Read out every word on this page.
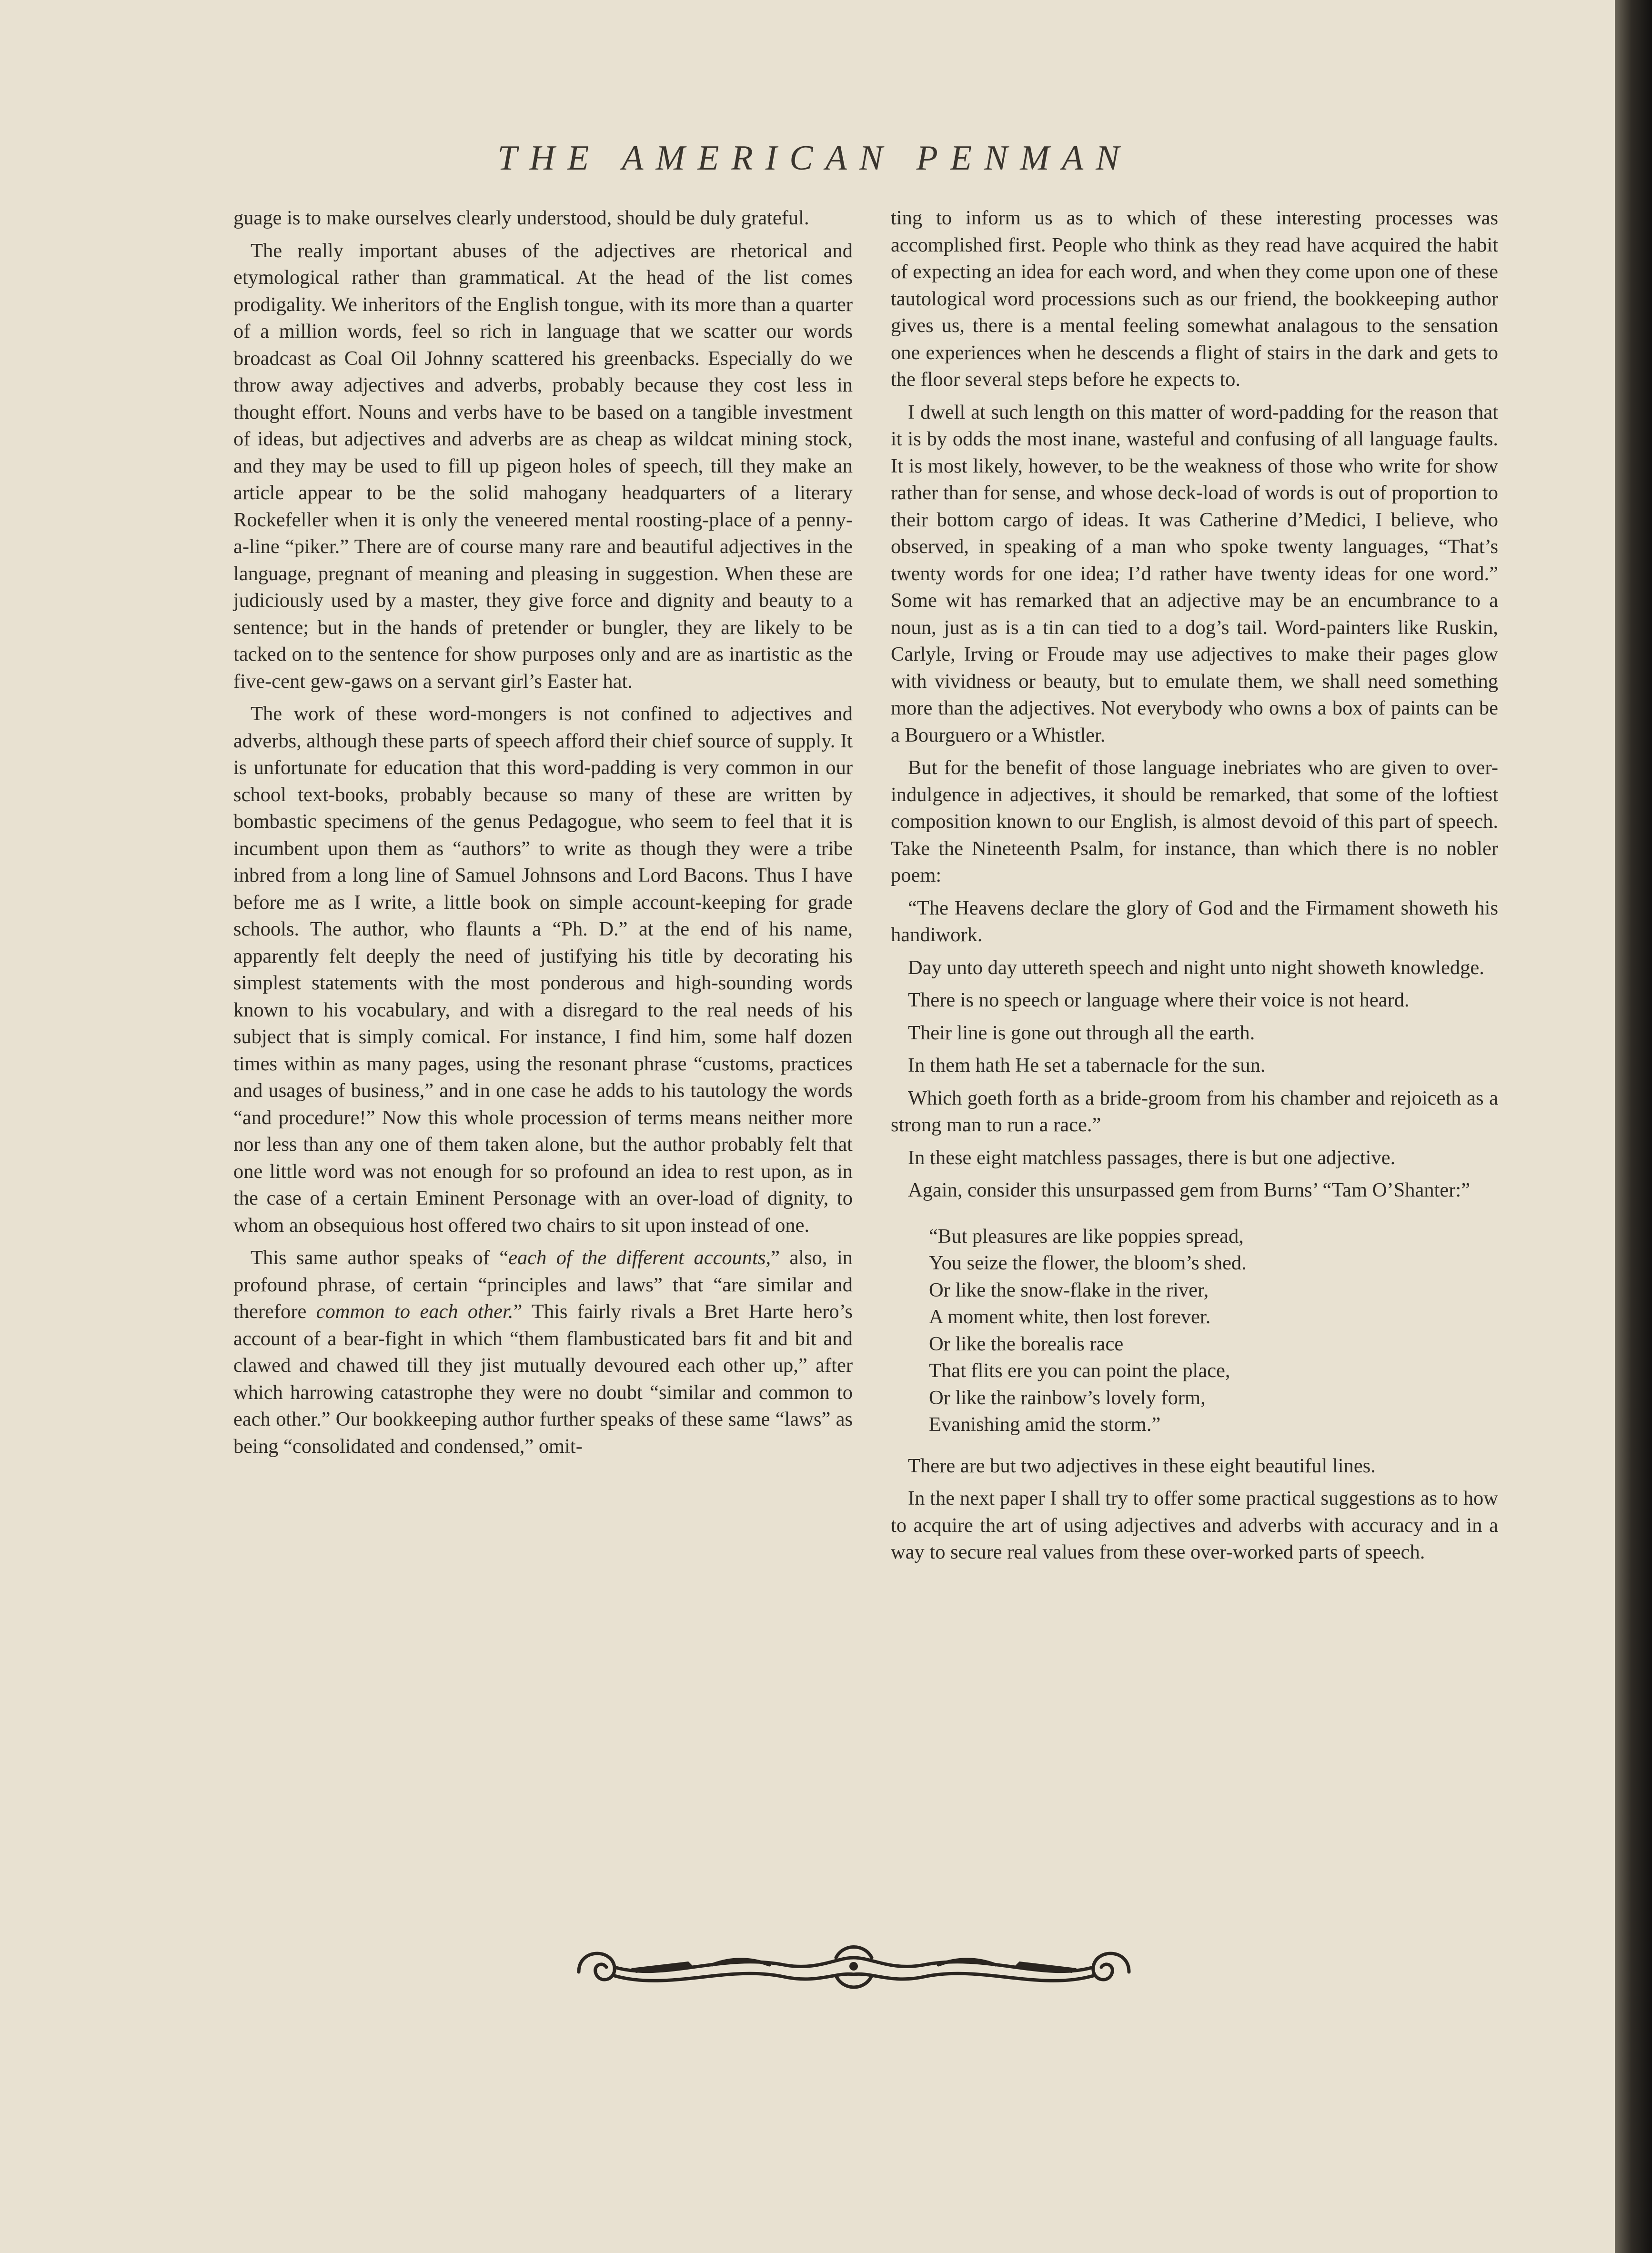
THE AMERICAN PENMAN

guage is to make ourselves clearly understood, should be duly grateful.

The really important abuses of the adjectives are rhetorical and etymological rather than grammatical. At the head of the list comes prodigality. We inheritors of the English tongue, with its more than a quarter of a million words, feel so rich in language that we scatter our words broadcast as Coal Oil Johnny scattered his greenbacks. Especially do we throw away adjectives and adverbs, probably because they cost less in thought effort. Nouns and verbs have to be based on a tangible investment of ideas, but adjectives and adverbs are as cheap as wildcat mining stock, and they may be used to fill up pigeon holes of speech, till they make an article appear to be the solid mahogany headquarters of a literary Rockefeller when it is only the veneered mental roosting-place of a penny-a-line “piker.” There are of course many rare and beautiful adjectives in the language, pregnant of meaning and pleasing in suggestion. When these are judiciously used by a master, they give force and dignity and beauty to a sentence; but in the hands of pretender or bungler, they are likely to be tacked on to the sentence for show purposes only and are as inartistic as the five-cent gew-gaws on a servant girl’s Easter hat.

The work of these word-mongers is not confined to adjectives and adverbs, although these parts of speech afford their chief source of supply. It is unfortunate for education that this word-padding is very common in our school text-books, probably because so many of these are written by bombastic specimens of the genus Pedagogue, who seem to feel that it is incumbent upon them as “authors” to write as though they were a tribe inbred from a long line of Samuel Johnsons and Lord Bacons. Thus I have before me as I write, a little book on simple account-keeping for grade schools. The author, who flaunts a “Ph. D.” at the end of his name, apparently felt deeply the need of justifying his title by decorating his simplest statements with the most ponderous and high-sounding words known to his vocabulary, and with a disregard to the real needs of his subject that is simply comical. For instance, I find him, some half dozen times within as many pages, using the resonant phrase “customs, practices and usages of business,” and in one case he adds to his tautology the words “and procedure!” Now this whole procession of terms means neither more nor less than any one of them taken alone, but the author probably felt that one little word was not enough for so profound an idea to rest upon, as in the case of a certain Eminent Personage with an over-load of dignity, to whom an obsequious host offered two chairs to sit upon instead of one.

This same author speaks of “each of the different accounts,” also, in profound phrase, of certain “principles and laws” that “are similar and therefore common to each other.” This fairly rivals a Bret Harte hero’s account of a bear-fight in which “them flambusticated bars fit and bit and clawed and chawed till they jist mutually devoured each other up,” after which harrowing catastrophe they were no doubt “similar and common to each other.” Our bookkeeping author further speaks of these same “laws” as being “consolidated and condensed,” omit-

ting to inform us as to which of these interesting processes was accomplished first. People who think as they read have acquired the habit of expecting an idea for each word, and when they come upon one of these tautological word processions such as our friend, the bookkeeping author gives us, there is a mental feeling somewhat analagous to the sensation one experiences when he descends a flight of stairs in the dark and gets to the floor several steps before he expects to.

I dwell at such length on this matter of word-padding for the reason that it is by odds the most inane, wasteful and confusing of all language faults. It is most likely, however, to be the weakness of those who write for show rather than for sense, and whose deck-load of words is out of proportion to their bottom cargo of ideas. It was Catherine d’Medici, I believe, who observed, in speaking of a man who spoke twenty languages, “That’s twenty words for one idea; I’d rather have twenty ideas for one word.” Some wit has remarked that an adjective may be an encumbrance to a noun, just as is a tin can tied to a dog’s tail. Word-painters like Ruskin, Carlyle, Irving or Froude may use adjectives to make their pages glow with vividness or beauty, but to emulate them, we shall need something more than the adjectives. Not everybody who owns a box of paints can be a Bourguero or a Whistler.

But for the benefit of those language inebriates who are given to over-indulgence in adjectives, it should be remarked, that some of the loftiest composition known to our English, is almost devoid of this part of speech. Take the Nineteenth Psalm, for instance, than which there is no nobler poem:

“The Heavens declare the glory of God and the Firmament showeth his handiwork.

Day unto day uttereth speech and night unto night showeth knowledge.

There is no speech or language where their voice is not heard.

Their line is gone out through all the earth.

In them hath He set a tabernacle for the sun.

Which goeth forth as a bride-groom from his chamber and rejoiceth as a strong man to run a race.”

In these eight matchless passages, there is but one adjective.

Again, consider this unsurpassed gem from Burns’ “Tam O’Shanter:”

“But pleasures are like poppies spread,
You seize the flower, the bloom’s shed.
Or like the snow-flake in the river,
A moment white, then lost forever.
Or like the borealis race
That flits ere you can point the place,
Or like the rainbow’s lovely form,
Evanishing amid the storm.”

There are but two adjectives in these eight beautiful lines.

In the next paper I shall try to offer some practical suggestions as to how to acquire the art of using adjectives and adverbs with accuracy and in a way to secure real values from these over-worked parts of speech.
